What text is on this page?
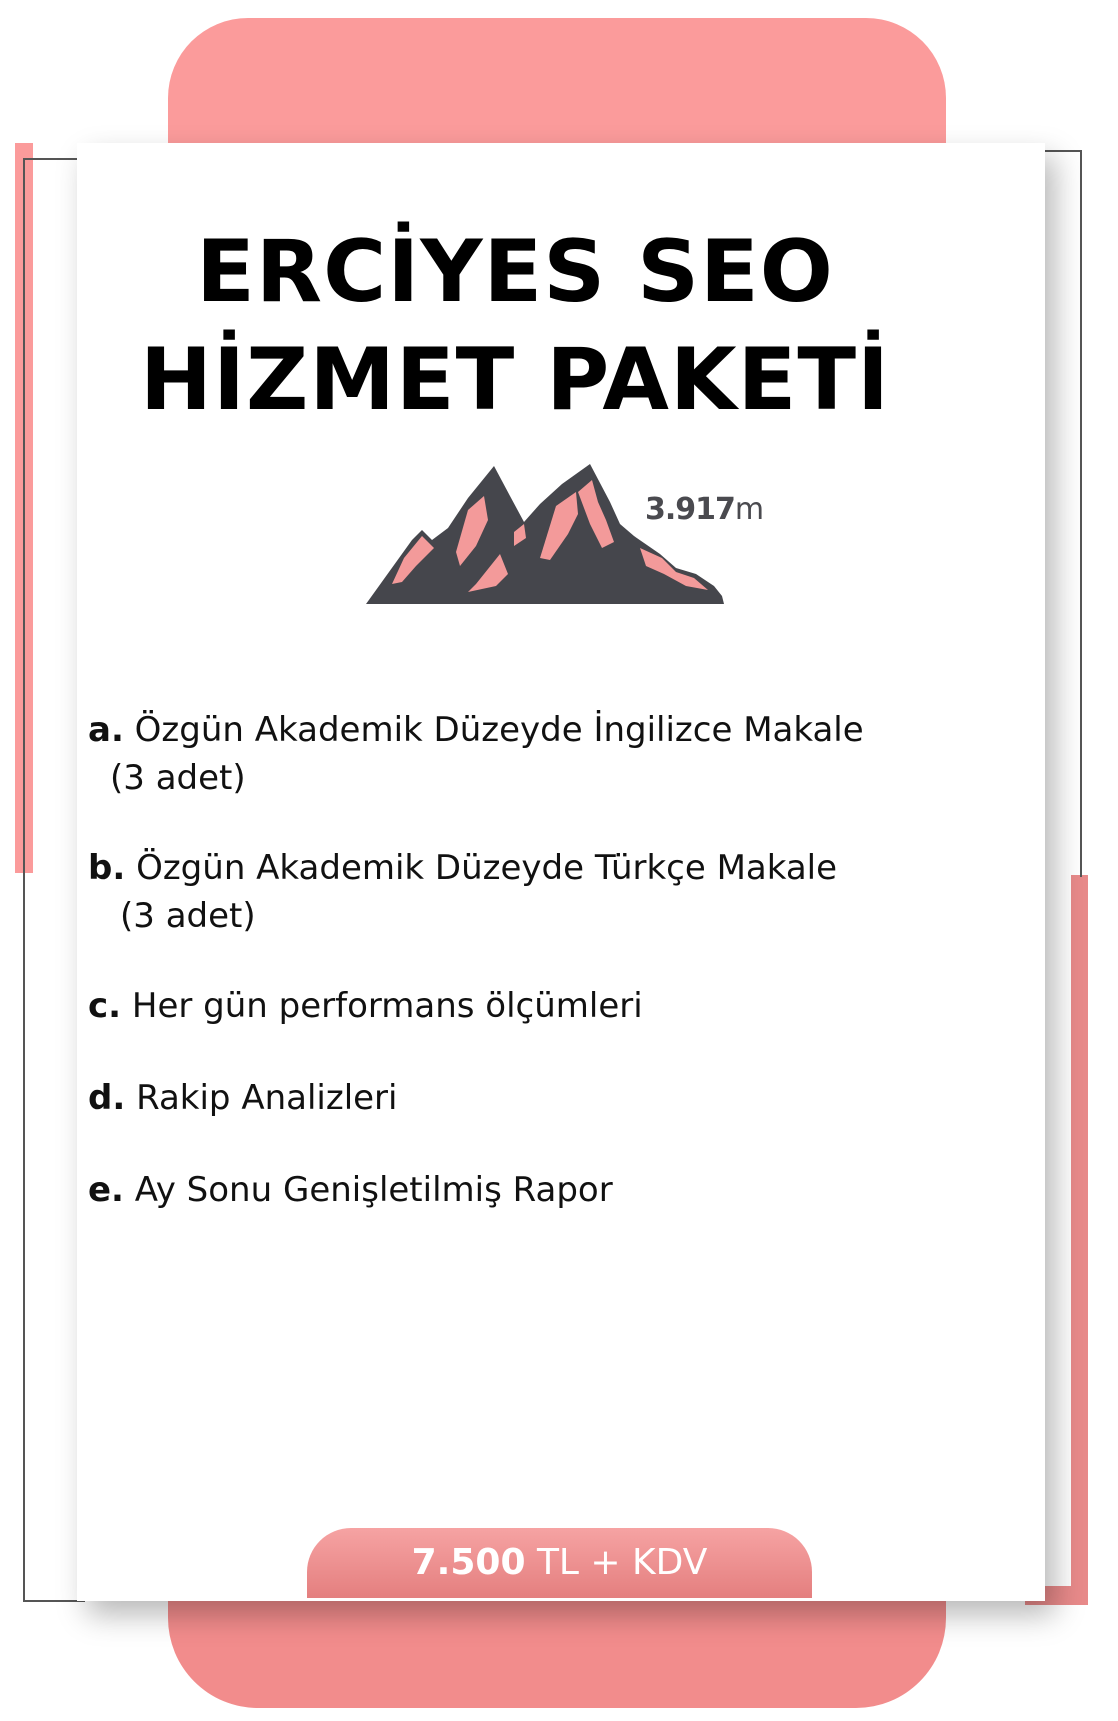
ERCİYES SEO
HİZMET PAKETİ
3.917m
a. Özgün Akademik Düzeyde İngilizce Makale
(3 adet)
b. Özgün Akademik Düzeyde Türkçe Makale
(3 adet)
c. Her gün performans ölçümleri
d. Rakip Analizleri
e. Ay Sonu Genişletilmiş Rapor
7.500 TL + KDV
